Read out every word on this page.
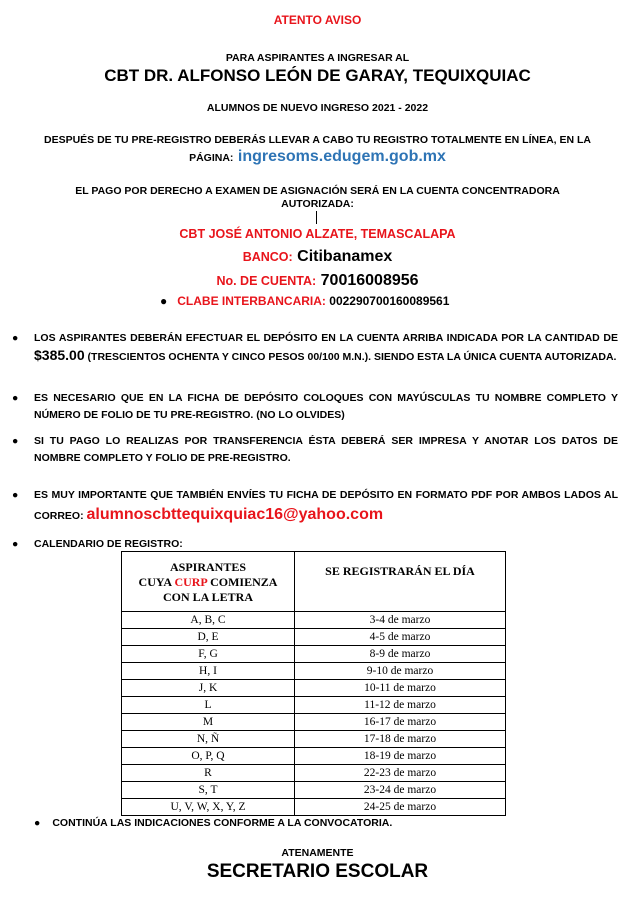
ATENTO AVISO
PARA ASPIRANTES A INGRESAR AL
CBT DR. ALFONSO LEÓN DE GARAY, TEQUIXQUIAC
ALUMNOS DE NUEVO INGRESO 2021 - 2022
DESPUÉS DE TU PRE-REGISTRO DEBERÁS LLEVAR A CABO TU REGISTRO TOTALMENTE EN LÍNEA, EN LA
PÁGINA: ingresoms.edugem.gob.mx
EL PAGO POR DERECHO A EXAMEN DE ASIGNACIÓN SERÁ EN LA CUENTA CONCENTRADORA
AUTORIZADA:
CBT JOSÉ ANTONIO ALZATE, TEMASCALAPA
BANCO: Citibanamex
No. DE CUENTA: 70016008956
● CLABE INTERBANCARIA: 002290700160089561
● LOS ASPIRANTES DEBERÁN EFECTUAR EL DEPÓSITO EN LA CUENTA ARRIBA INDICADA POR LA CANTIDAD DE $385.00 (TRESCIENTOS OCHENTA Y CINCO PESOS 00/100 M.N.). SIENDO ESTA LA ÚNICA CUENTA AUTORIZADA.
● ES NECESARIO QUE EN LA FICHA DE DEPÓSITO COLOQUES CON MAYÚSCULAS TU NOMBRE COMPLETO Y NÚMERO DE FOLIO DE TU PRE-REGISTRO. (NO LO OLVIDES)
● SI TU PAGO LO REALIZAS POR TRANSFERENCIA ÉSTA DEBERÁ SER IMPRESA Y ANOTAR LOS DATOS DE NOMBRE COMPLETO Y FOLIO DE PRE-REGISTRO.
● ES MUY IMPORTANTE QUE TAMBIÉN ENVÍES TU FICHA DE DEPÓSITO EN FORMATO PDF POR AMBOS LADOS AL CORREO: alumnoscbttequixquiac16@yahoo.com
● CALENDARIO DE REGISTRO:
ASPIRANTES
CUYA CURP COMIENZA
CON LA LETRA	SE REGISTRARÁN EL DÍA

A, B, C	3-4 de marzo
D, E	4-5 de marzo
F, G	8-9 de marzo
H, I	9-10 de marzo
J, K	10-11 de marzo
L	11-12 de marzo
M	16-17 de marzo
N, Ñ	17-18 de marzo
O, P, Q	18-19 de marzo
R	22-23 de marzo
S, T	23-24 de marzo
U, V, W, X, Y, Z	24-25 de marzo
● CONTINÚA LAS INDICACIONES CONFORME A LA CONVOCATORIA.
ATENAMENTE
SECRETARIO ESCOLAR
